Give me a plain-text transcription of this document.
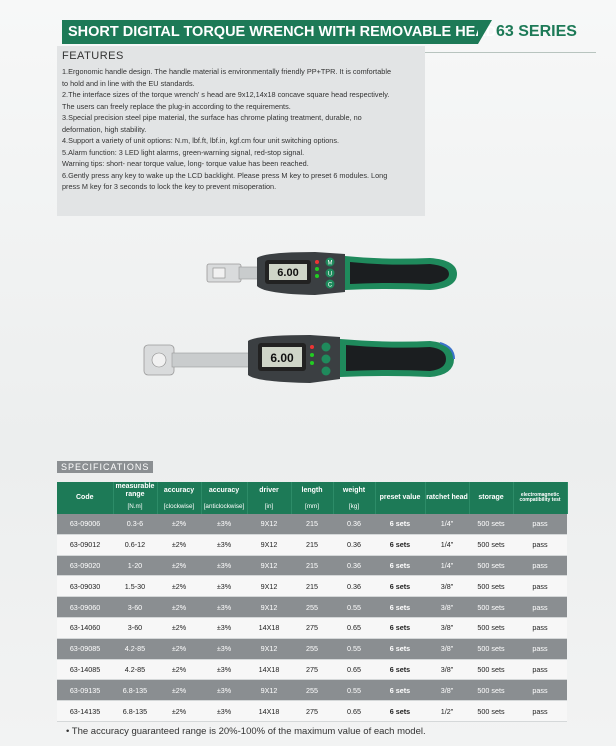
SHORT DIGITAL TORQUE WRENCH WITH REMOVABLE HEAD 63 SERIES
FEATURES
1.Ergonomic handle design. The handle material is environmentally friendly PP+TPR. It is comfortable
to hold and in line with the EU standards.
2.The interface sizes of the torque wrench' s head are 9x12,14x18 concave square head respectively.
The users can freely replace the plug-in according to the requirements.
3.Special precision steel pipe material, the surface has chrome plating treatment, durable, no
deformation, high stability.
4.Support a variety of unit options: N.m, lbf.ft, lbf.in, kgf.cm four unit switching options.
5.Alarm function: 3 LED light alarms, green-warning signal, red-stop signal.
Warning tips: short- near torque value, long- torque value has been reached.
6.Gently press any key to wake up the LCD backlight. Please press M key to preset 6 modules. Long
press M key for 3 seconds to lock the key to prevent misoperation.
6.00
M
U
C
6.00
SPECIFICATIONS
Code	measurable range	accuracy	accuracy	driver	length	weight	preset value	ratchet head	storage	electromagnetic compatibility test
	[N.m]	[clockwise]	[anticlockwise]	[in]	[mm]	[kg]				
63-09006	0.3-6	±2%	±3%	9X12	215	0.36	6 sets	1/4"	500 sets	pass
63-09012	0.6-12	±2%	±3%	9X12	215	0.36	6 sets	1/4"	500 sets	pass
63-09020	1-20	±2%	±3%	9X12	215	0.36	6 sets	1/4"	500 sets	pass
63-09030	1.5-30	±2%	±3%	9X12	215	0.36	6 sets	3/8"	500 sets	pass
63-09060	3-60	±2%	±3%	9X12	255	0.55	6 sets	3/8"	500 sets	pass
63-14060	3-60	±2%	±3%	14X18	275	0.65	6 sets	3/8"	500 sets	pass
63-09085	4.2-85	±2%	±3%	9X12	255	0.55	6 sets	3/8"	500 sets	pass
63-14085	4.2-85	±2%	±3%	14X18	275	0.65	6 sets	3/8"	500 sets	pass
63-09135	6.8-135	±2%	±3%	9X12	255	0.55	6 sets	3/8"	500 sets	pass
63-14135	6.8-135	±2%	±3%	14X18	275	0.65	6 sets	1/2"	500 sets	pass
• The accuracy guaranteed range is 20%-100% of the maximum value of each model.
